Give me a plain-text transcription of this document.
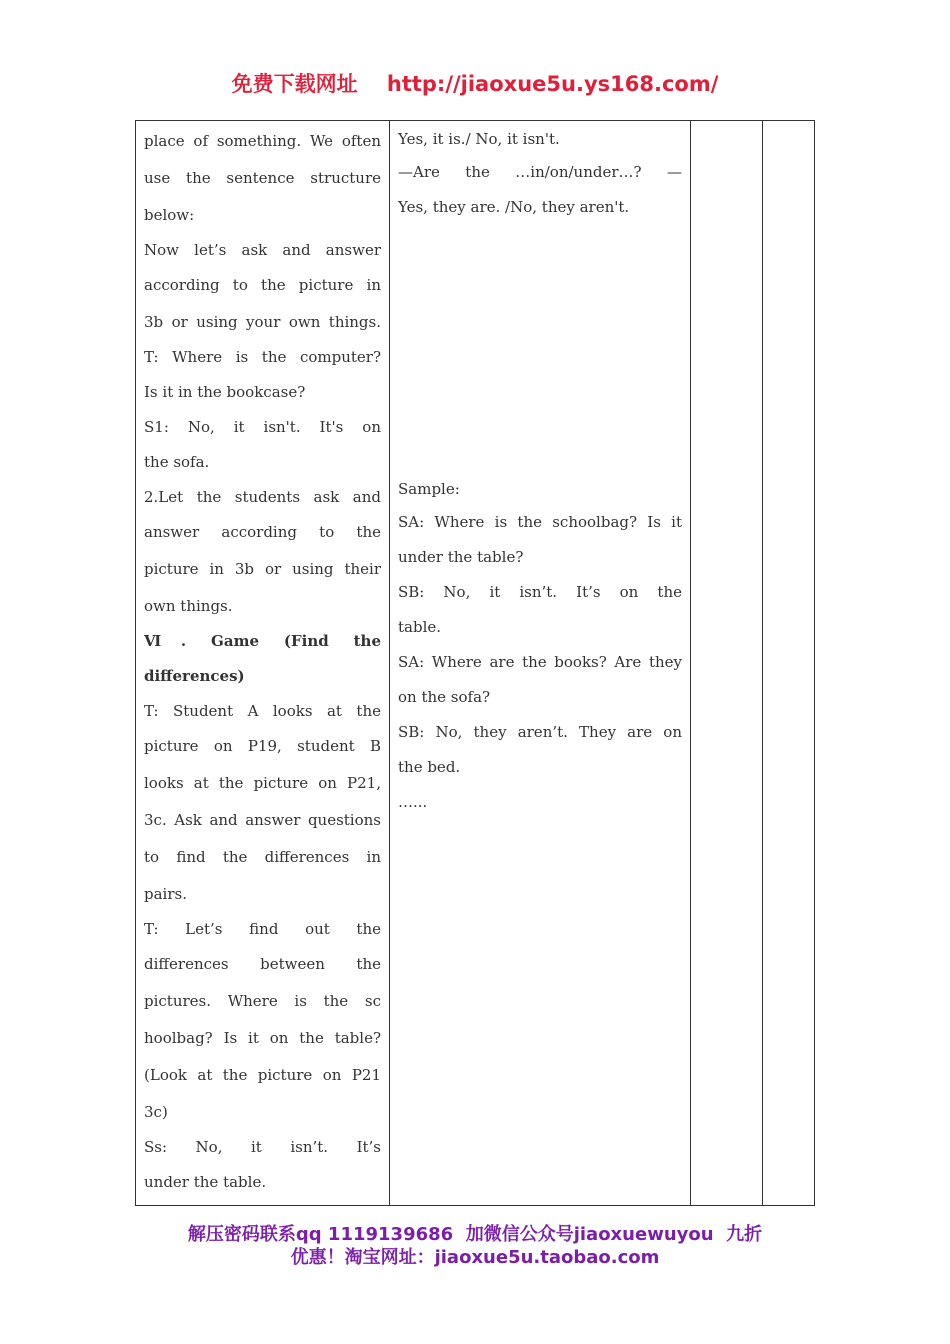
免费下载网址    http://jiaoxue5u.ys168.com/

place of something. We often

use the sentence structure

below:

Now let’s ask and answer

according to the picture in

3b or using your own things.

T: Where is the computer?

Is it in the bookcase?

S1: No, it isn't. It's on

the sofa.

2.Let the students ask and

answer according to the

picture in 3b or using their

own things.

Ⅵ. Game (Find the

differences)

T: Student A looks at the

picture on P19, student B

looks at the picture on P21,

3c. Ask and answer questions

to find the differences in

pairs.

T: Let’s find out the

differences between the

pictures. Where is the sc

hoolbag? Is it on the table?

(Look at the picture on P21

3c)

Ss: No, it isn’t. It’s

under the table.

Yes, it is./ No, it isn't.

—Are the …in/on/under…? —

Yes, they are. /No, they aren't.

Sample:

SA: Where is the schoolbag? Is it

under the table?

SB: No, it isn’t. It’s on the

table.

SA: Where are the books? Are they

on the sofa?

SB: No, they aren’t. They are on

the bed.

…...

解压密码联系qq 1119139686  加微信公众号jiaoxuewuyou  九折
优惠！淘宝网址：jiaoxue5u.taobao.com
